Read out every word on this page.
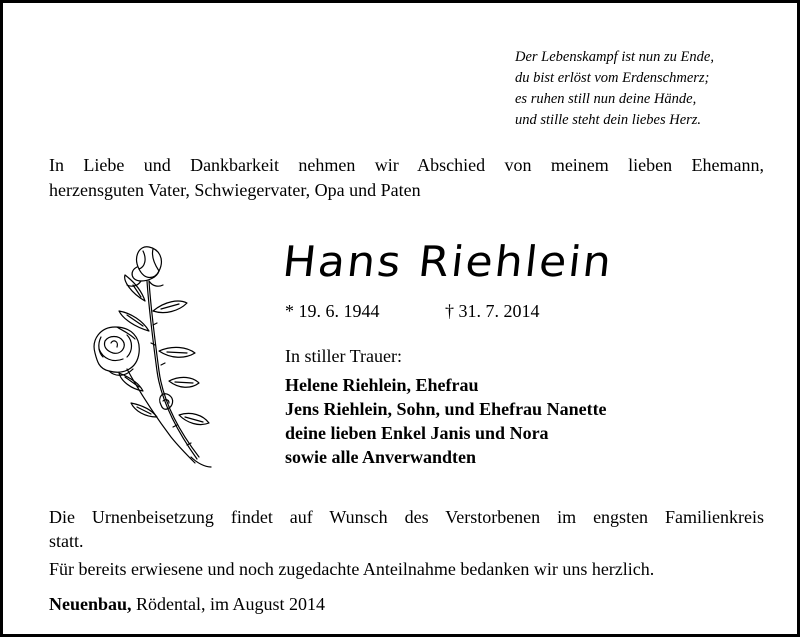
Der Lebenskampf ist nun zu Ende,
du bist erlöst vom Erdenschmerz;
es ruhen still nun deine Hände,
und stille steht dein liebes Herz.
In Liebe und Dankbarkeit nehmen wir Abschied von meinem lieben Ehemann,
herzensguten Vater, Schwiegervater, Opa und Paten
Hans Riehlein
* 19. 6. 1944	† 31. 7. 2014
In stiller Trauer:
Helene Riehlein, Ehefrau
Jens Riehlein, Sohn, und Ehefrau Nanette
deine lieben Enkel Janis und Nora
sowie alle Anverwandten
Die Urnenbeisetzung findet auf Wunsch des Verstorbenen im engsten Familienkreis
statt.
Für bereits erwiesene und noch zugedachte Anteilnahme bedanken wir uns herzlich.
Neuenbau, Rödental, im August 2014
